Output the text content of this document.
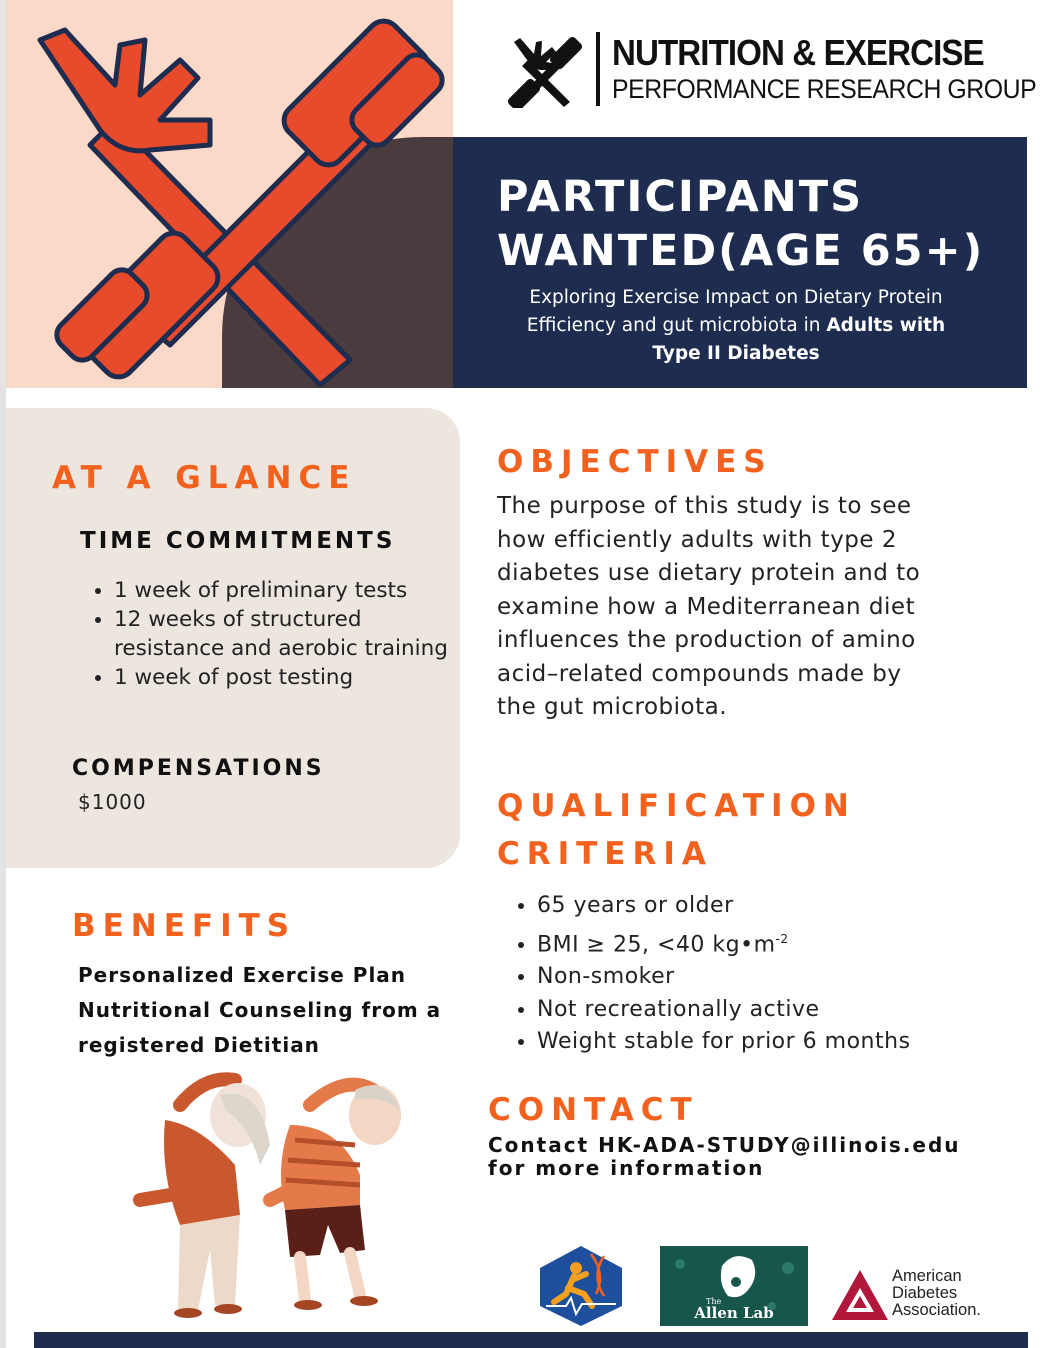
NUTRITION & EXERCISE
PERFORMANCE RESEARCH GROUP
PARTICIPANTS
WANTED(AGE 65+)
Exploring Exercise Impact on Dietary Protein
Efficiency and gut microbiota in Adults with
Type II Diabetes
AT A GLANCE
TIME COMMITMENTS
• 1 week of preliminary tests
• 12 weeks of structured resistance and aerobic training
• 1 week of post testing
COMPENSATIONS
$1000
BENEFITS
Personalized Exercise Plan
Nutritional Counseling from a
registered Dietitian
OBJECTIVES
The purpose of this study is to see how efficiently adults with type 2 diabetes use dietary protein and to examine how a Mediterranean diet influences the production of amino acid–related compounds made by the gut microbiota.
QUALIFICATION
CRITERIA
• 65 years or older
• BMI ≥ 25, <40 $kg•m^{-2}$
• Non-smoker
• Not recreationally active
• Weight stable for prior 6 months
CONTACT
Contact HK-ADA-STUDY@illinois.edu
for more information
The
Allen Lab
American
Diabetes
Association.
